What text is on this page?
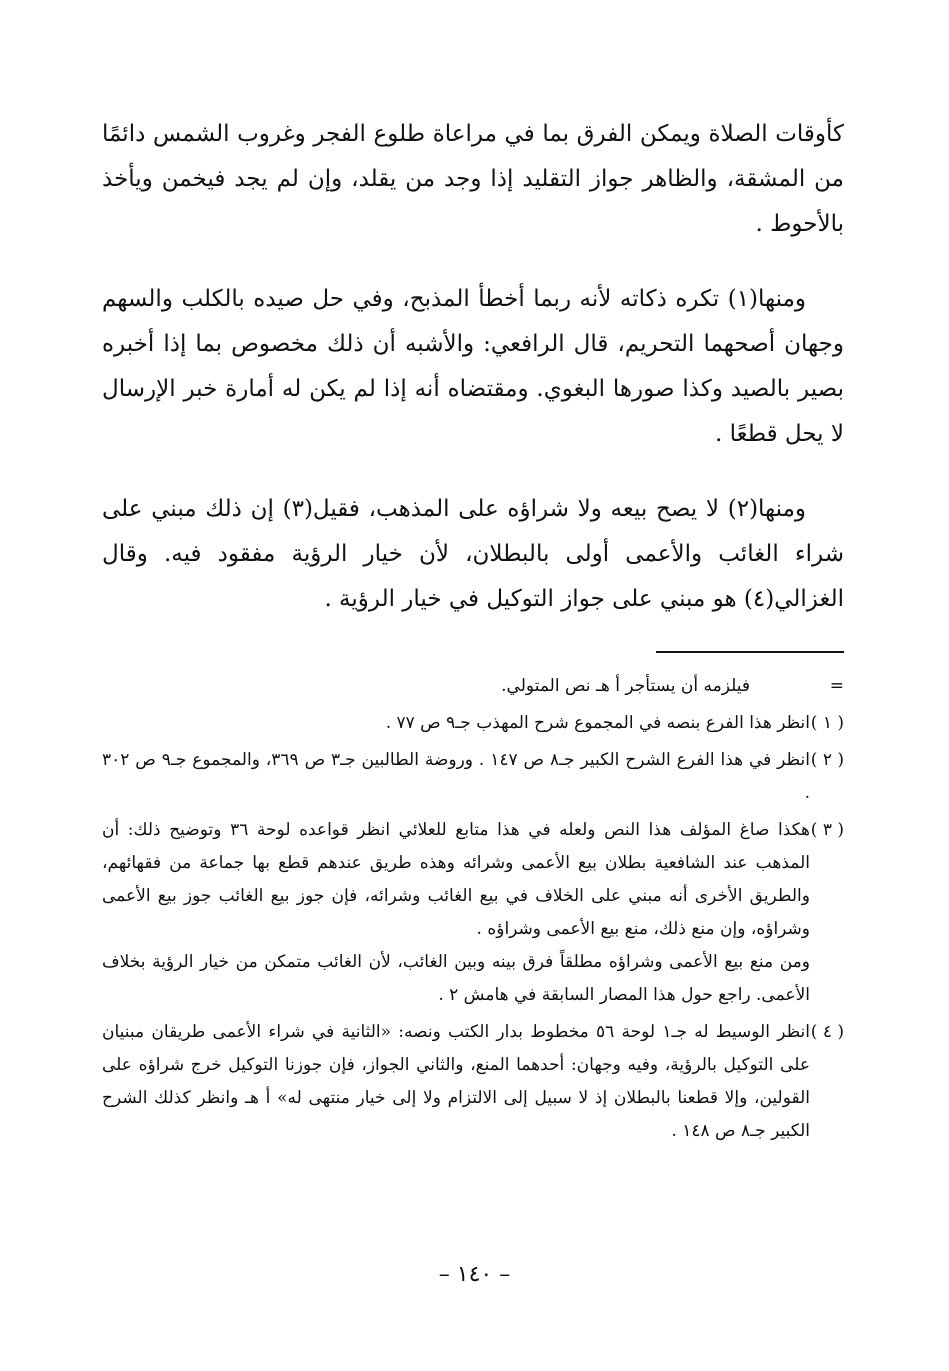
كأوقات الصلاة ويمكن الفرق بما في مراعاة طلوع الفجر وغروب الشمس دائمًا من المشقة، والظاهر جواز التقليد إذا وجد من يقلد، وإن لم يجد فيخمن ويأخذ بالأحوط .

ومنها(١) تكره ذكاته لأنه ربما أخطأ المذبح، وفي حل صيده بالكلب والسهم وجهان أصحهما التحريم، قال الرافعي: والأشبه أن ذلك مخصوص بما إذا أخبره بصير بالصيد وكذا صورها البغوي. ومقتضاه أنه إذا لم يكن له أمارة خبر الإرسال لا يحل قطعًا .

ومنها(٢) لا يصح بيعه ولا شراؤه على المذهب، فقيل(٣) إن ذلك مبني على شراء الغائب والأعمى أولى بالبطلان، لأن خيار الرؤية مفقود فيه. وقال الغزالي(٤) هو مبني على جواز التوكيل في خيار الرؤية .

=
فيلزمه أن يستأجر أ هـ نص المتولي.
( ١ )
انظر هذا الفرع بنصه في المجموع شرح المهذب جـ٩ ص ٧٧ .
( ٢ )
انظر في هذا الفرع الشرح الكبير جـ٨ ص ١٤٧ . وروضة الطالبين جـ٣ ص ٣٦٩، والمجموع جـ٩ ص ٣٠٢ .
( ٣ )
هكذا صاغ المؤلف هذا النص ولعله في هذا متابع للعلائي انظر قواعده لوحة ٣٦ وتوضيح ذلك: أن المذهب عند الشافعية بطلان بيع الأعمى وشرائه وهذه طريق عندهم قطع بها جماعة من فقهائهم، والطريق الأخرى أنه مبني على الخلاف في بيع الغائب وشرائه، فإن جوز بيع الغائب جوز بيع الأعمى وشراؤه، وإن منع ذلك، منع بيع الأعمى وشراؤه .
ومن منع بيع الأعمى وشراؤه مطلقاً فرق بينه وبين الغائب، لأن الغائب متمكن من خيار الرؤية بخلاف الأعمى. راجع حول هذا المصار السابقة في هامش ٢ .
( ٤ )
انظر الوسيط له جـ١ لوحة ٥٦ مخطوط بدار الكتب ونصه: «الثانية في شراء الأعمى طريقان مبنيان على التوكيل بالرؤية، وفيه وجهان: أحدهما المنع، والثاني الجواز، فإن جوزنا التوكيل خرج شراؤه على القولين، وإلا قطعنا بالبطلان إذ لا سبيل إلى الالتزام ولا إلى خيار منتهى له» أ هـ وانظر كذلك الشرح الكبير جـ٨ ص ١٤٨ .
– ١٤٠ –
